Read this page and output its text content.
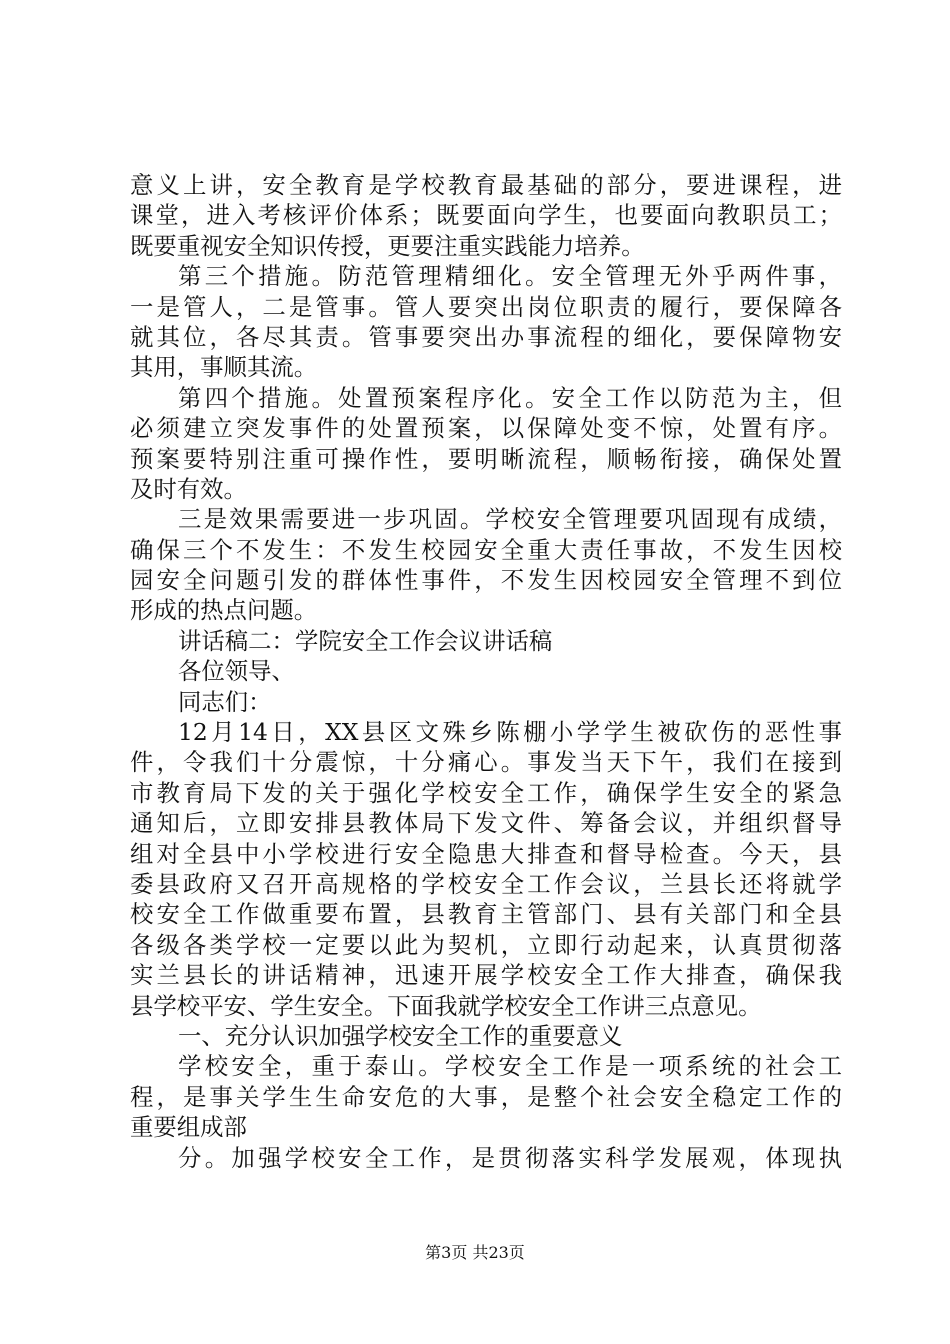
意义上讲，安全教育是学校教育最基础的部分，要进课程，进
课堂，进入考核评价体系；既要面向学生，也要面向教职员工；
既要重视安全知识传授，更要注重实践能力培养。
第三个措施。防范管理精细化。安全管理无外乎两件事，
一是管人，二是管事。管人要突出岗位职责的履行，要保障各
就其位，各尽其责。管事要突出办事流程的细化，要保障物安
其用，事顺其流。
第四个措施。处置预案程序化。安全工作以防范为主，但
必须建立突发事件的处置预案，以保障处变不惊，处置有序。
预案要特别注重可操作性，要明晰流程，顺畅衔接，确保处置
及时有效。
三是效果需要进一步巩固。学校安全管理要巩固现有成绩，
确保三个不发生：不发生校园安全重大责任事故，不发生因校
园安全问题引发的群体性事件，不发生因校园安全管理不到位
形成的热点问题。
讲话稿二：学院安全工作会议讲话稿
各位领导、
同志们：
12月14日，XX县区文殊乡陈棚小学学生被砍伤的恶性事
件，令我们十分震惊，十分痛心。事发当天下午，我们在接到
市教育局下发的关于强化学校安全工作，确保学生安全的紧急
通知后，立即安排县教体局下发文件、筹备会议，并组织督导
组对全县中小学校进行安全隐患大排查和督导检查。今天，县
委县政府又召开高规格的学校安全工作会议，兰县长还将就学
校安全工作做重要布置，县教育主管部门、县有关部门和全县
各级各类学校一定要以此为契机，立即行动起来，认真贯彻落
实兰县长的讲话精神，迅速开展学校安全工作大排查，确保我
县学校平安、学生安全。下面我就学校安全工作讲三点意见。
一、充分认识加强学校安全工作的重要意义
学校安全，重于泰山。学校安全工作是一项系统的社会工
程，是事关学生生命安危的大事，是整个社会安全稳定工作的
重要组成部
分。加强学校安全工作，是贯彻落实科学发展观，体现执
第3页 共23页
